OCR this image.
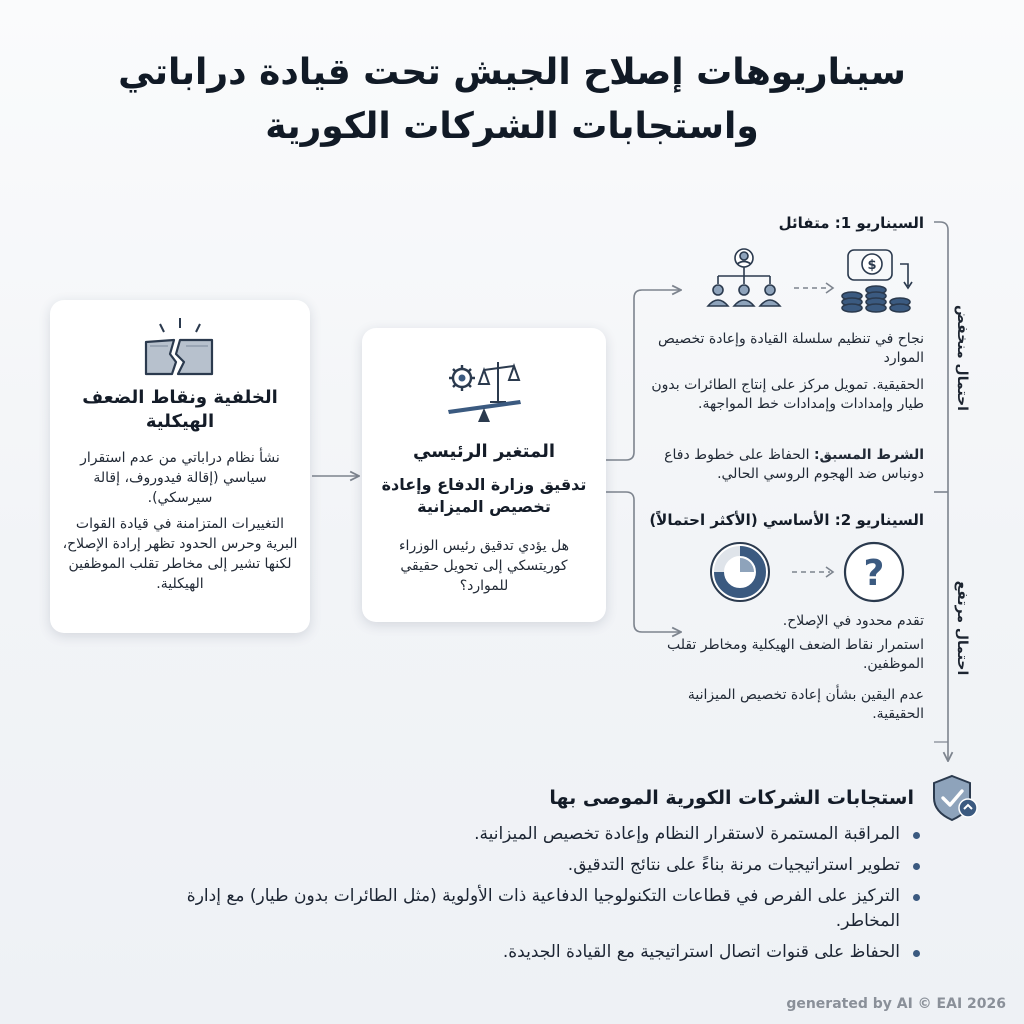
سيناريوهات إصلاح الجيش تحت قيادة دراباتي
واستجابات الشركات الكورية
الخلفية ونقاط الضعف الهيكلية
نشأ نظام دراباتي من عدم استقرار سياسي (إقالة فيدوروف، إقالة سيرسكي).
التغييرات المتزامنة في قيادة القوات البرية وحرس الحدود تظهر إرادة الإصلاح، لكنها تشير إلى مخاطر تقلب الموظفين الهيكلية.
المتغير الرئيسي
تدقيق وزارة الدفاع وإعادة تخصيص الميزانية
هل يؤدي تدقيق رئيس الوزراء كوريتسكي إلى تحويل حقيقي للموارد؟
السيناريو 1: متفائل
$
نجاح في تنظيم سلسلة القيادة وإعادة تخصيص الموارد
الحقيقية. تمويل مركز على إنتاج الطائرات بدون طيار وإمدادات وإمدادات خط المواجهة.
الشرط المسبق: الحفاظ على خطوط دفاع دونباس ضد الهجوم الروسي الحالي.
السيناريو 2: الأساسي (الأكثر احتمالاً)
?
تقدم محدود في الإصلاح.
استمرار نقاط الضعف الهيكلية ومخاطر تقلب الموظفين.
عدم اليقين بشأن إعادة تخصيص الميزانية الحقيقية.
احتمال منخفض
احتمال مرتفع
استجابات الشركات الكورية الموصى بها
المراقبة المستمرة لاستقرار النظام وإعادة تخصيص الميزانية.
تطوير استراتيجيات مرنة بناءً على نتائج التدقيق.
التركيز على الفرص في قطاعات التكنولوجيا الدفاعية ذات الأولوية (مثل الطائرات بدون طيار) مع إدارة المخاطر.
الحفاظ على قنوات اتصال استراتيجية مع القيادة الجديدة.
generated by AI © EAI 2026
